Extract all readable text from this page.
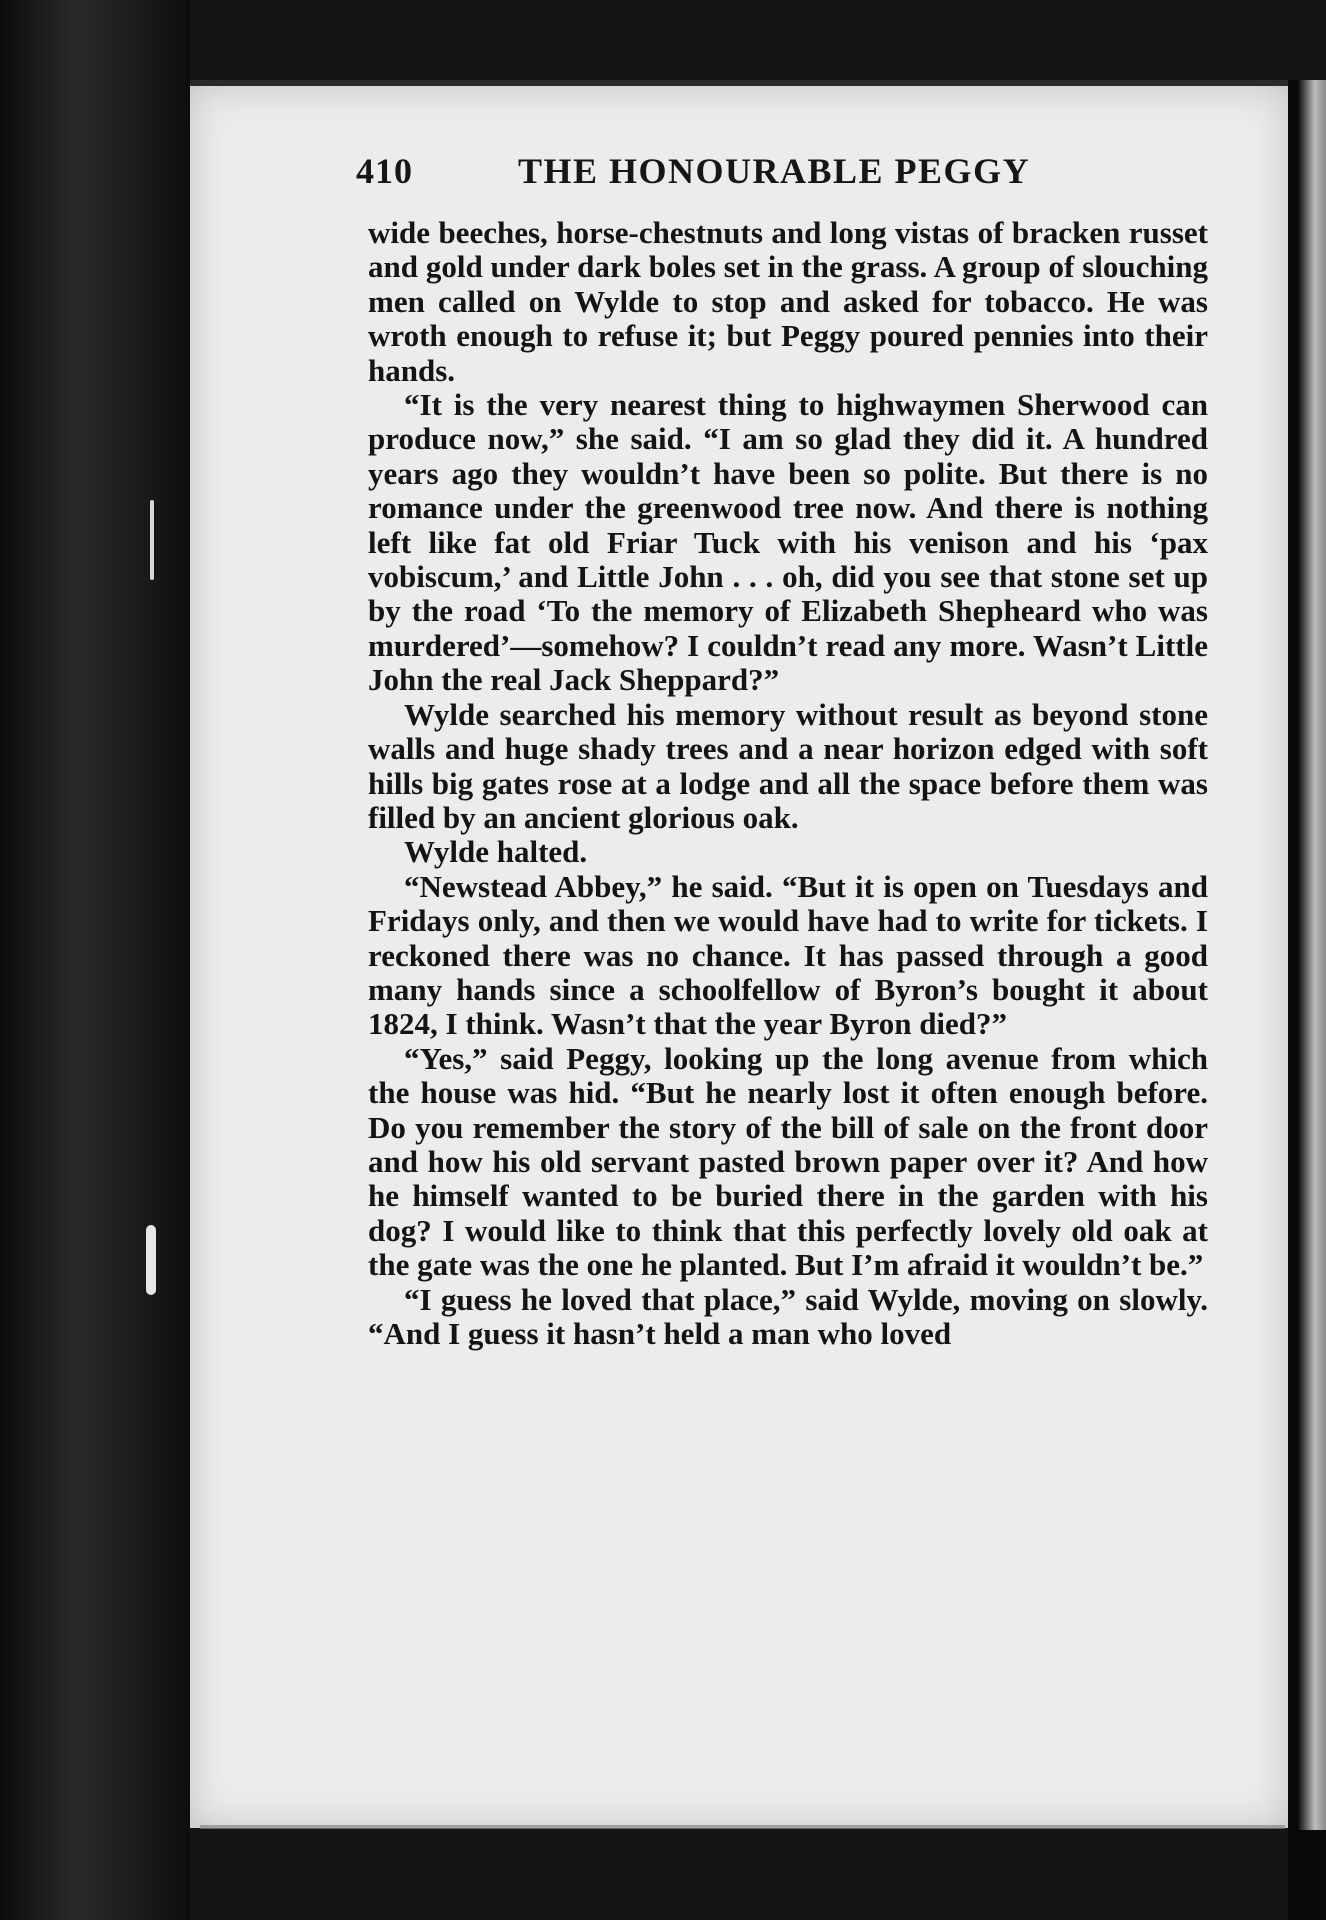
410	THE HONOURABLE PEGGY

wide beeches, horse-chestnuts and long vistas of bracken russet and gold under dark boles set in the grass. A group of slouching men called on Wylde to stop and asked for tobacco. He was wroth enough to refuse it; but Peggy poured pennies into their hands.

“It is the very nearest thing to highwaymen Sherwood can produce now,” she said. “I am so glad they did it. A hundred years ago they wouldn’t have been so polite. But there is no romance under the greenwood tree now. And there is nothing left like fat old Friar Tuck with his venison and his ‘pax vobiscum,’ and Little John . . . oh, did you see that stone set up by the road ‘To the memory of Elizabeth Shepheard who was murdered’—somehow? I couldn’t read any more. Wasn’t Little John the real Jack Sheppard?”

Wylde searched his memory without result as beyond stone walls and huge shady trees and a near horizon edged with soft hills big gates rose at a lodge and all the space before them was filled by an ancient glorious oak.

Wylde halted.

“Newstead Abbey,” he said. “But it is open on Tuesdays and Fridays only, and then we would have had to write for tickets. I reckoned there was no chance. It has passed through a good many hands since a schoolfellow of Byron’s bought it about 1824, I think. Wasn’t that the year Byron died?”

“Yes,” said Peggy, looking up the long avenue from which the house was hid. “But he nearly lost it often enough before. Do you remember the story of the bill of sale on the front door and how his old servant pasted brown paper over it? And how he himself wanted to be buried there in the garden with his dog? I would like to think that this perfectly lovely old oak at the gate was the one he planted. But I’m afraid it wouldn’t be.”

“I guess he loved that place,” said Wylde, moving on slowly. “And I guess it hasn’t held a man who loved
